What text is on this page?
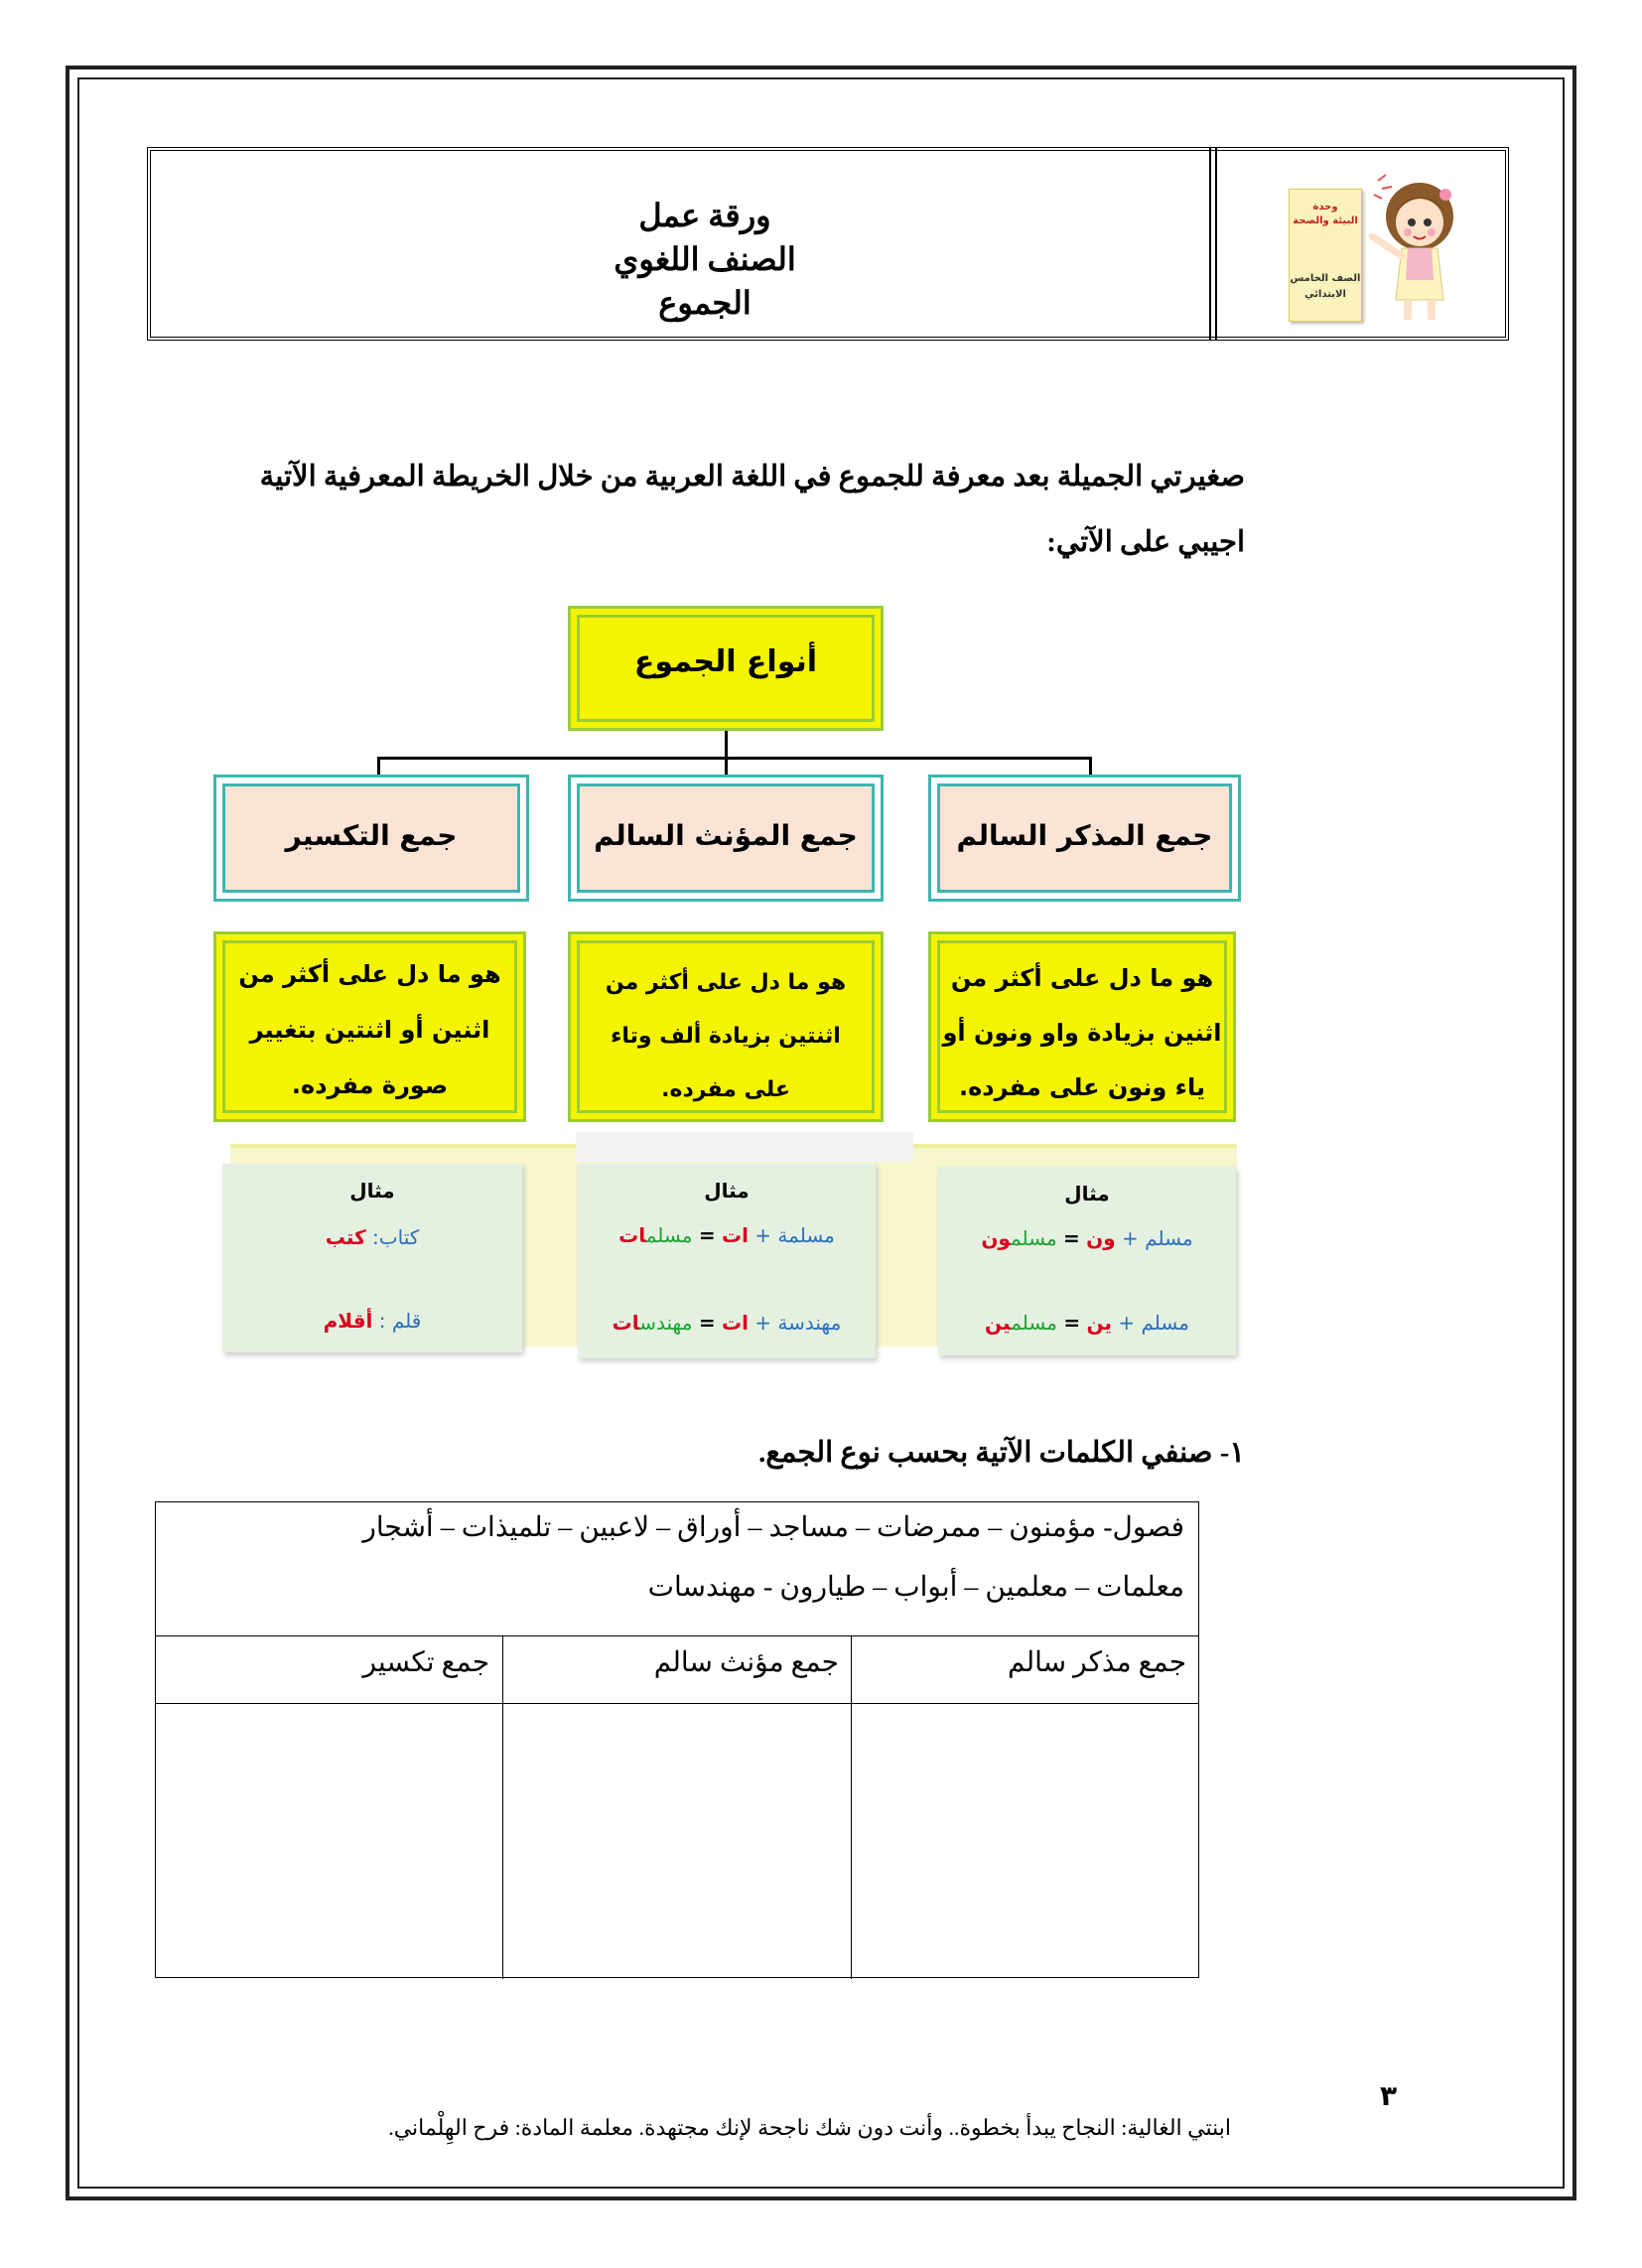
ورقة عمل
الصنف اللغوي
الجموع
وحدة
البيئة والصحة
الصف الخامس
الابتدائي
صغيرتي الجميلة بعد معرفة للجموع في اللغة العربية من خلال الخريطة المعرفية الآتية
اجيبي على الآتي:
أنواع الجموع
جمع المذكر السالم
جمع المؤنث السالم
جمع التكسير
هو ما دل على أكثر من
اثنين بزيادة واو ونون أو
ياء ونون على مفرده.
هو ما دل على أكثر من
اثنتين بزيادة ألف وتاء
على مفرده.
هو ما دل على أكثر من
اثنين أو اثنتين بتغيير
صورة مفرده.
مثال
مسلم + ون = مسلمون
مسلم + ين = مسلمين
مثال
مسلمة + ات = مسلمات
مهندسة + ات = مهندسات
مثال
كتاب: كتب
قلم : أقلام
١- صنفي الكلمات الآتية بحسب نوع الجمع.
فصول- مؤمنون – ممرضات – مساجد – أوراق – لاعبين – تلميذات – أشجار
معلمات – معلمين – أبواب – طيارون - مهندسات
جمع مذكر سالم
جمع مؤنث سالم
جمع تكسير
٣
ابنتي الغالية: النجاح يبدأ بخطوة.. وأنت دون شك ناجحة لإنك مجتهدة. معلمة المادة: فرح الهِلْماني.
